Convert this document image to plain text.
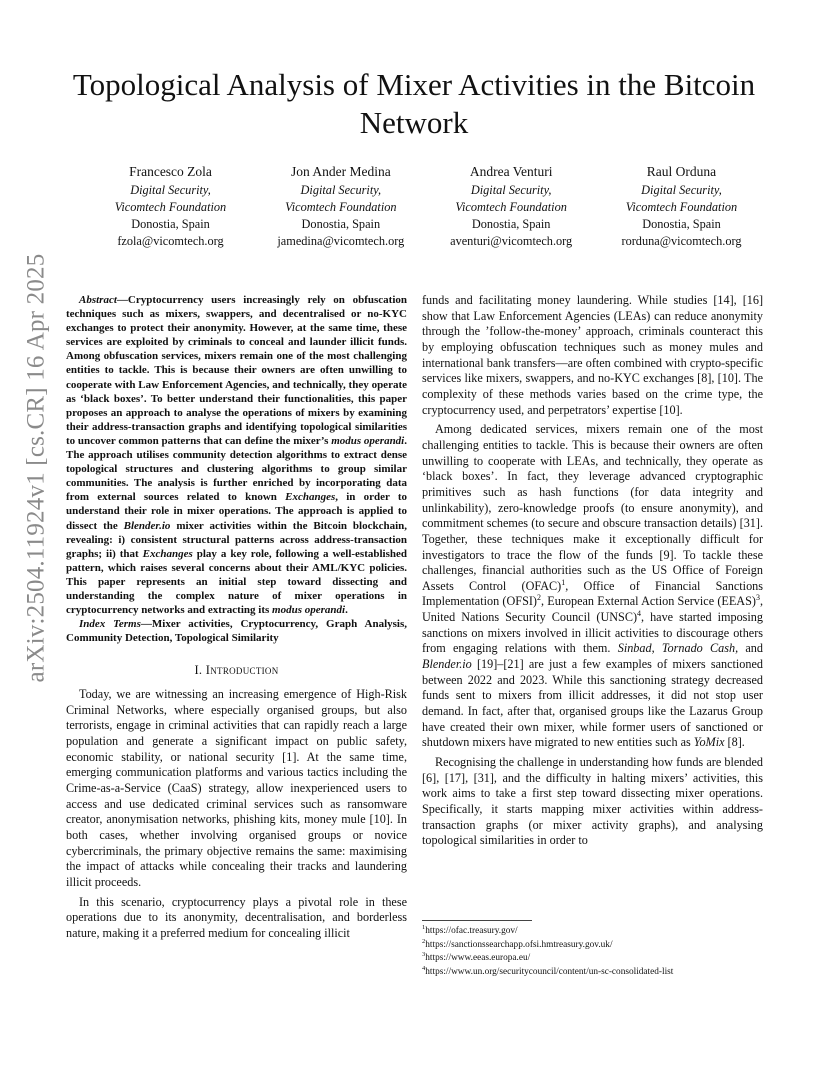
arXiv:2504.11924v1 [cs.CR] 16 Apr 2025
Topological Analysis of Mixer Activities in the Bitcoin Network
Francesco Zola
Digital Security,
Vicomtech Foundation
Donostia, Spain
fzola@vicomtech.org
Jon Ander Medina
Digital Security,
Vicomtech Foundation
Donostia, Spain
jamedina@vicomtech.org
Andrea Venturi
Digital Security,
Vicomtech Foundation
Donostia, Spain
aventuri@vicomtech.org
Raul Orduna
Digital Security,
Vicomtech Foundation
Donostia, Spain
rorduna@vicomtech.org

Abstract—Cryptocurrency users increasingly rely on obfuscation techniques such as mixers, swappers, and decentralised or no-KYC exchanges to protect their anonymity. However, at the same time, these services are exploited by criminals to conceal and launder illicit funds. Among obfuscation services, mixers remain one of the most challenging entities to tackle. This is because their owners are often unwilling to cooperate with Law Enforcement Agencies, and technically, they operate as ‘black boxes’. To better understand their functionalities, this paper proposes an approach to analyse the operations of mixers by examining their address-transaction graphs and identifying topological similarities to uncover common patterns that can define the mixer’s modus operandi. The approach utilises community detection algorithms to extract dense topological structures and clustering algorithms to group similar communities. The analysis is further enriched by incorporating data from external sources related to known Exchanges, in order to understand their role in mixer operations. The approach is applied to dissect the Blender.io mixer activities within the Bitcoin blockchain, revealing: i) consistent structural patterns across address-transaction graphs; ii) that Exchanges play a key role, following a well-established pattern, which raises several concerns about their AML/KYC policies. This paper represents an initial step toward dissecting and understanding the complex nature of mixer operations in cryptocurrency networks and extracting its modus operandi.

Index Terms—Mixer activities, Cryptocurrency, Graph Analysis, Community Detection, Topological Similarity

I. Introduction

Today, we are witnessing an increasing emergence of High-Risk Criminal Networks, where especially organised groups, but also terrorists, engage in criminal activities that can rapidly reach a large population and generate a significant impact on public safety, economic stability, or national security [1]. At the same time, emerging communication platforms and various tactics including the Crime-as-a-Service (CaaS) strategy, allow inexperienced users to access and use dedicated criminal services such as ransomware creator, anonymisation networks, phishing kits, money mule [10]. In both cases, whether involving organised groups or novice cybercriminals, the primary objective remains the same: maximising the impact of attacks while concealing their tracks and laundering illicit proceeds.

In this scenario, cryptocurrency plays a pivotal role in these operations due to its anonymity, decentralisation, and borderless nature, making it a preferred medium for concealing illicit

funds and facilitating money laundering. While studies [14], [16] show that Law Enforcement Agencies (LEAs) can reduce anonymity through the ’follow-the-money’ approach, criminals counteract this by employing obfuscation techniques such as money mules and international bank transfers—are often combined with crypto-specific services like mixers, swappers, and no-KYC exchanges [8], [10]. The complexity of these methods varies based on the crime type, the cryptocurrency used, and perpetrators’ expertise [10].

Among dedicated services, mixers remain one of the most challenging entities to tackle. This is because their owners are often unwilling to cooperate with LEAs, and technically, they operate as ‘black boxes’. In fact, they leverage advanced cryptographic primitives such as hash functions (for data integrity and unlinkability), zero-knowledge proofs (to ensure anonymity), and commitment schemes (to secure and obscure transaction details) [31]. Together, these techniques make it exceptionally difficult for investigators to trace the flow of the funds [9]. To tackle these challenges, financial authorities such as the US Office of Foreign Assets Control (OFAC)$^1$, Office of Financial Sanctions Implementation (OFSI)$^2$, European External Action Service (EEAS)$^3$, United Nations Security Council (UNSC)$^4$, have started imposing sanctions on mixers involved in illicit activities to discourage others from engaging relations with them. Sinbad, Tornado Cash, and Blender.io [19]–[21] are just a few examples of mixers sanctioned between 2022 and 2023. While this sanctioning strategy decreased funds sent to mixers from illicit addresses, it did not stop user demand. In fact, after that, organised groups like the Lazarus Group have created their own mixer, while former users of sanctioned or shutdown mixers have migrated to new entities such as YoMix [8].

Recognising the challenge in understanding how funds are blended [6], [17], [31], and the difficulty in halting mixers’ activities, this work aims to take a first step toward dissecting mixer operations. Specifically, it starts mapping mixer activities within address-transaction graphs (or mixer activity graphs), and analysing topological similarities in order to

$^1$https://ofac.treasury.gov/
$^2$https://sanctionssearchapp.ofsi.hmtreasury.gov.uk/
$^3$https://www.eeas.europa.eu/
$^4$https://www.un.org/securitycouncil/content/un-sc-consolidated-list
